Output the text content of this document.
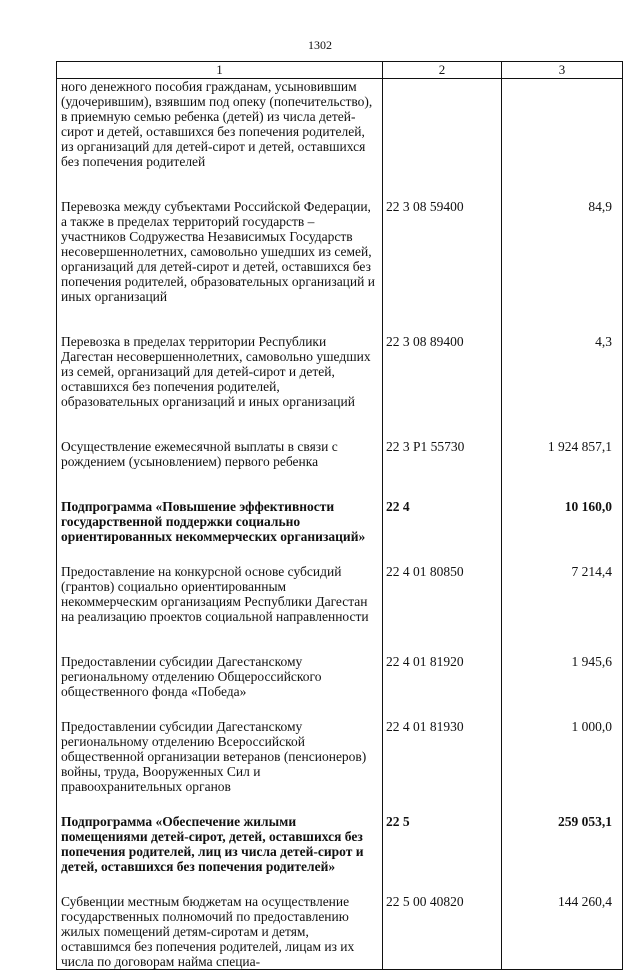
1302
1	2	3
ного денежного пособия гражданам, усыновившим (удочерившим), взявшим под опеку (попечительство), в приемную семью ребенка (детей) из числа детей-сирот и детей, оставшихся без попечения родителей, из организаций для детей-сирот и детей, оставшихся без попечения родителей		

Перевозка между субъектами Российской Федерации, а также в пределах территорий государств – участников Содружества Независимых Государств несовершеннолетних, самовольно ушедших из семей, организаций для детей-сирот и детей, оставшихся без попечения родителей, образовательных организаций и иных организаций	22 3 08 59400	84,9

Перевозка в пределах территории Республики Дагестан несовершеннолетних, самовольно ушедших из семей, организаций для детей-сирот и детей, оставшихся без попечения родителей, образовательных организаций и иных организаций	22 3 08 89400	4,3

Осуществление ежемесячной выплаты в связи с рождением (усыновлением) первого ребенка	22 3 P1 55730	1 924 857,1

Подпрограмма «Повышение эффективности государственной поддержки социально ориентированных некоммерческих организаций»	22 4	10 160,0

Предоставление на конкурсной основе субсидий (грантов) социально ориентированным некоммерческим организациям Республики Дагестан на реализацию проектов социальной направленности	22 4 01 80850	7 214,4

Предоставлении субсидии Дагестанскому региональному отделению Общероссийского общественного фонда «Победа»	22 4 01 81920	1 945,6

Предоставлении субсидии Дагестанскому региональному отделению Всероссийской общественной организации ветеранов (пенсионеров) войны, труда, Вооруженных Сил и правоохранительных органов	22 4 01 81930	1 000,0

Подпрограмма «Обеспечение жилыми помещениями детей-сирот, детей, оставшихся без попечения родителей, лиц из числа детей-сирот и детей, оставшихся без попечения родителей»	22 5	259 053,1

Субвенции местным бюджетам на осуществление государственных полномочий по предоставлению жилых помещений детям-сиротам и детям, оставшимся без попечения родителей, лицам из их числа по договорам найма специа-	22 5 00 40820	144 260,4
